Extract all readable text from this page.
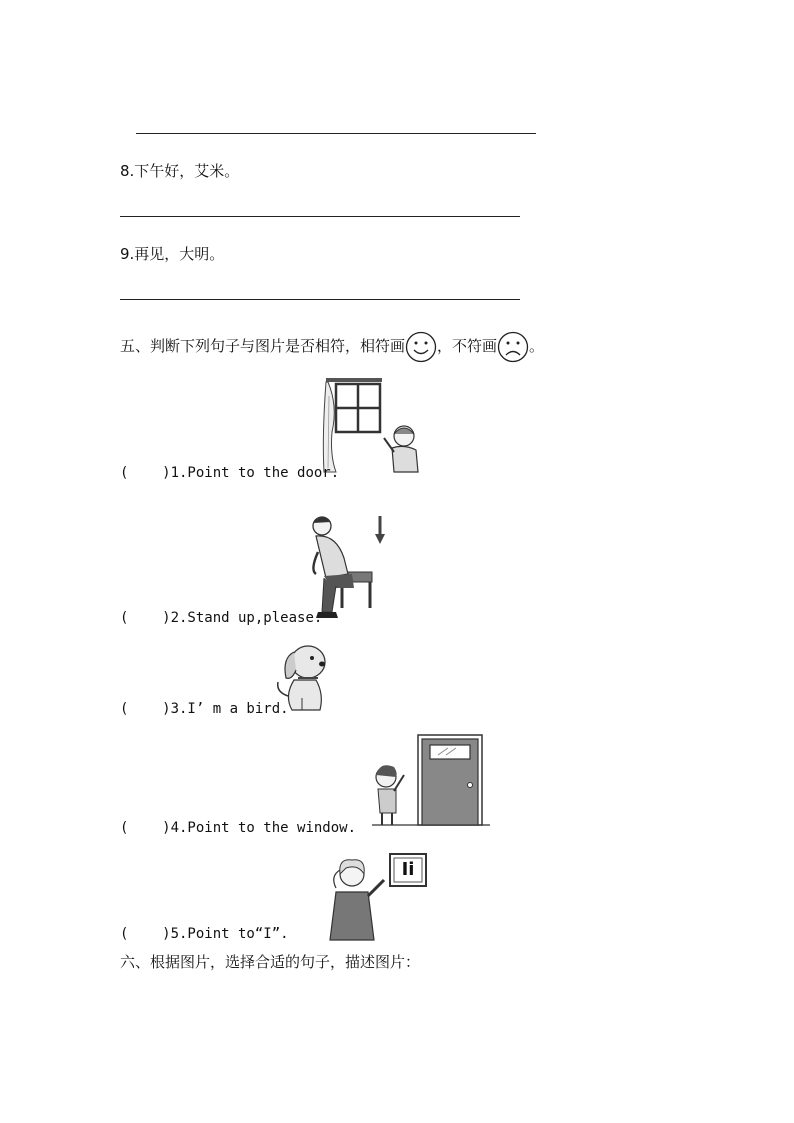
8.下午好，艾米。
9.再见，大明。
五、判断下列句子与图片是否相符，相符画 ，不符画 。
(    )1.Point to the door.
(    )2.Stand up,please.
(    )3.I’ m a bird.
(    )4.Point to the window.
Ii
(    )5.Point to“I”.
六、根据图片，选择合适的句子，描述图片：
